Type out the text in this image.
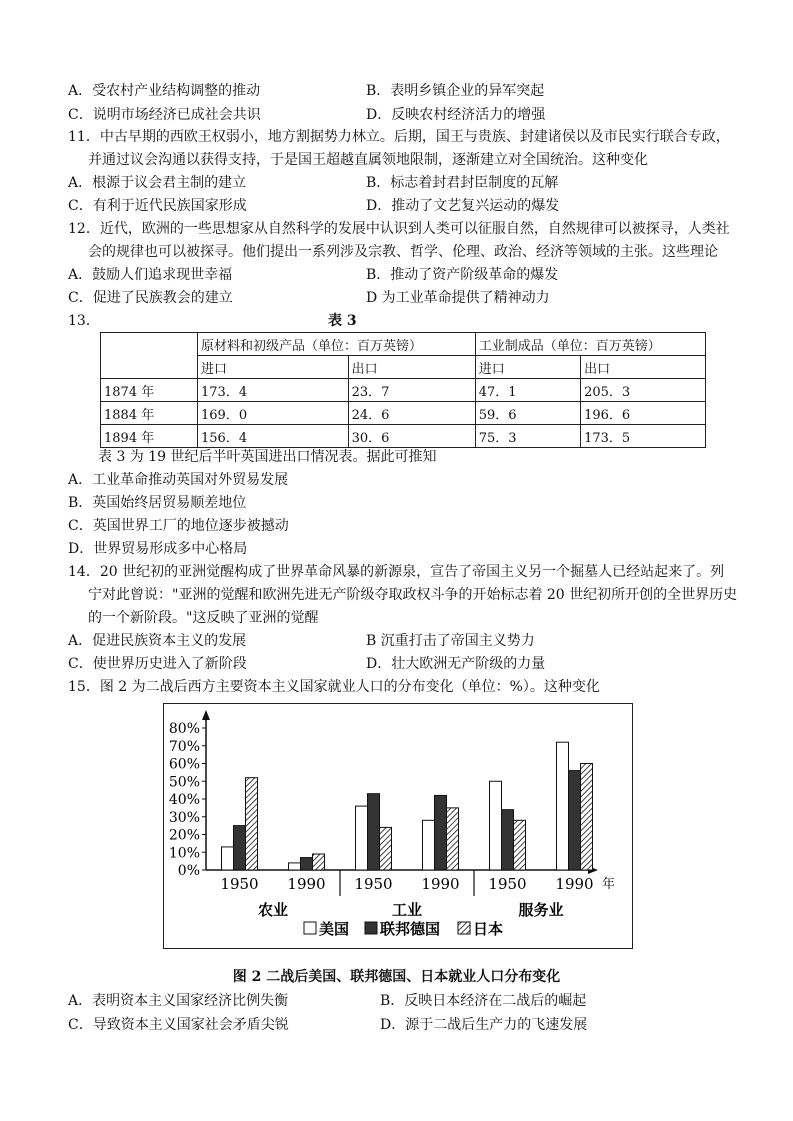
A．受农村产业结构调整的推动	B．表明乡镇企业的异军突起
C．说明市场经济已成社会共识	D．反映农村经济活力的增强
11．中古早期的西欧王权弱小，地方割据势力林立。后期，国王与贵族、封建诸侯以及市民实行联合专政，
并通过议会沟通以获得支持，于是国王超越直属领地限制，逐渐建立对全国统治。这种变化
A．根源于议会君主制的建立	B．标志着封君封臣制度的瓦解
C．有利于近代民族国家形成	D．推动了文艺复兴运动的爆发
12．近代，欧洲的一些思想家从自然科学的发展中认识到人类可以征服自然，自然规律可以被探寻，人类社
会的规律也可以被探寻。他们提出一系列涉及宗教、哲学、伦理、政治、经济等领域的主张。这些理论
A．鼓励人们追求现世幸福	B．推动了资产阶级革命的爆发
C．促进了民族教会的建立	D 为工业革命提供了精神动力
13．	表 3
	原材料和初级产品（单位：百万英镑）		工业制成品（单位：百万英镑）	
	进口	出口	进口	出口
1874 年	173．4	23．7	47．1	205．3
1884 年	169．0	24．6	59．6	196．6
1894 年	156．4	30．6	75．3	173．5
表 3 为 19 世纪后半叶英国进出口情况表。据此可推知
A．工业革命推动英国对外贸易发展
B．英国始终居贸易顺差地位
C．英国世界工厂的地位逐步被撼动
D．世界贸易形成多中心格局
14．20 世纪初的亚洲觉醒构成了世界革命风暴的新源泉，宣告了帝国主义另一个掘墓人已经站起来了。列
宁对此曾说："亚洲的觉醒和欧洲先进无产阶级夺取政权斗争的开始标志着 20 世纪初所开创的全世界历史
的一个新阶段。"这反映了亚洲的觉醒
A．促进民族资本主义的发展	B 沉重打击了帝国主义势力
C．使世界历史进入了新阶段	D．壮大欧洲无产阶级的力量
15．图 2 为二战后西方主要资本主义国家就业人口的分布变化（单位：%）。这种变化
年
0%
10%
20%
30%
40%
50%
60%
70%
80%
1950 1990
农业
1950 1990
工业
1950 1990
服务业
美国 联邦德国 日本
图 2 二战后美国、联邦德国、日本就业人口分布变化
A．表明资本主义国家经济比例失衡	B．反映日本经济在二战后的崛起
C．导致资本主义国家社会矛盾尖锐	D．源于二战后生产力的飞速发展
